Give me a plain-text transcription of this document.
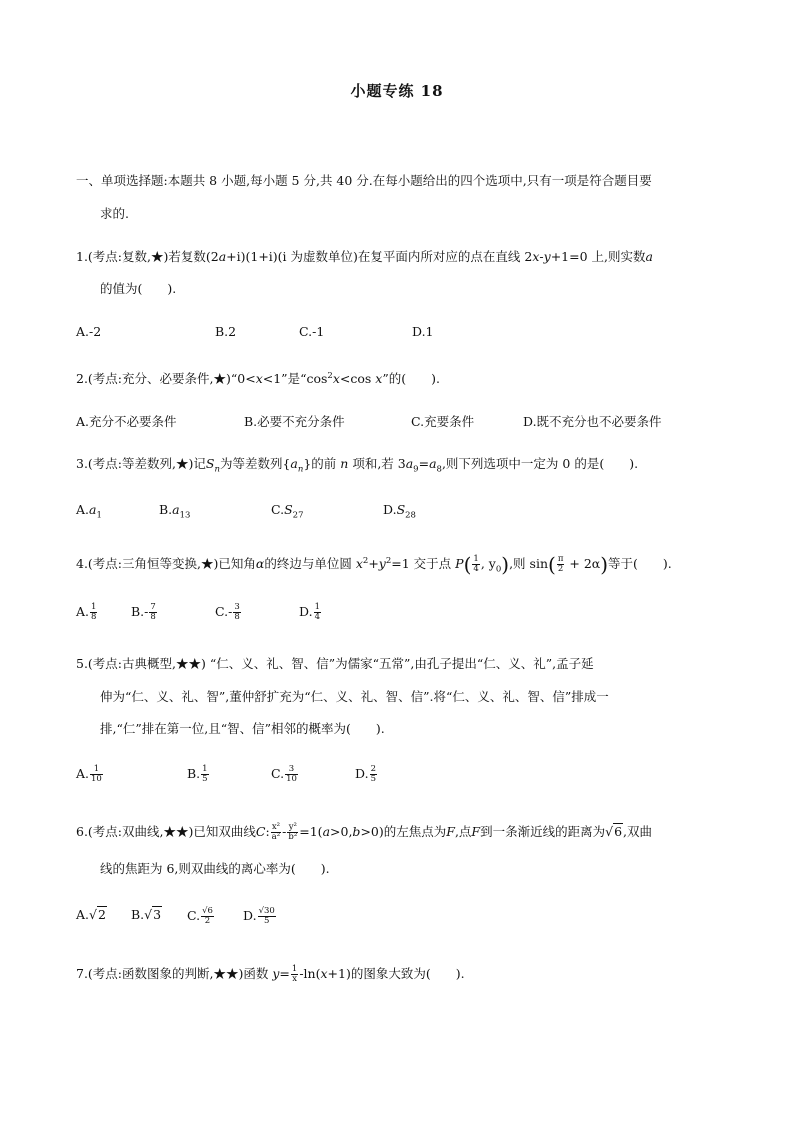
小题专练 18
一、单项选择题:本题共 8 小题,每小题 5 分,共 40 分.在每小题给出的四个选项中,只有一项是符合题目要
求的.
1.(考点:复数,★)若复数(2a+i)(1+i)(i 为虚数单位)在复平面内所对应的点在直线 2x-y+1=0 上,则实数a
的值为(　　).
A.-2	B.2	C.-1	D.1
2.(考点:充分、必要条件,★)“0<x<1”是“$\cos^2x<\cos$ x”的(　　).
A.充分不必要条件	B.必要不充分条件	C.充要条件	D.既不充分也不必要条件
3.(考点:等差数列,★)记$S_n$为等差数列$\{a_n\}$的前 n 项和,若 $3a_9=a_8$,则下列选项中一定为 0 的是(　　).
$A.a_1$	$B.a_{13}$	$C.S_{27}$	$D.S_{28}$
4.(考点:三角恒等变换,★)已知角α的终边与单位圆 $x^2+y^2=1$ 交于点 $P( \frac{1}{4}$ , $y_0$),则 $\sin( \frac{\pi}{2} + 2\alpha)$等于(　　).
A. $\frac{1}{8}$	$B.- \frac{7}{8}$	$C.- \frac{3}{8}$	D. $\frac{1}{4}$
5.(考点:古典概型,★★) “仁、义、礼、智、信”为儒家“五常”,由孔子提出“仁、义、礼”,孟子延
伸为“仁、义、礼、智”,董仲舒扩充为“仁、义、礼、智、信”.将“仁、义、礼、智、信”排成一
排,“仁”排在第一位,且“智、信”相邻的概率为(　　).
A. $\frac{1}{10}$	B. $\frac{1}{5}$	C. $\frac{3}{10}$	D. $\frac{2}{5}$
6.(考点:双曲线,★★)已知双曲线C: $\frac{\text{x²}}{\text{a²}} - \frac{\text{y²}}{\text{b²}} =1(a>0,b>0)$的左焦点为F,点F到一条渐近线的距离为√6,双曲
线的焦距为 6,则双曲线的离心率为(　　).
A.√2 B.√3 C. $\frac{√6}{2} D$. $\frac{√30}{5}$
7.(考点:函数图象的判断,★★)函数 $y= \frac{1}{x} -\ln(x+1)$的图象大致为(　　).
